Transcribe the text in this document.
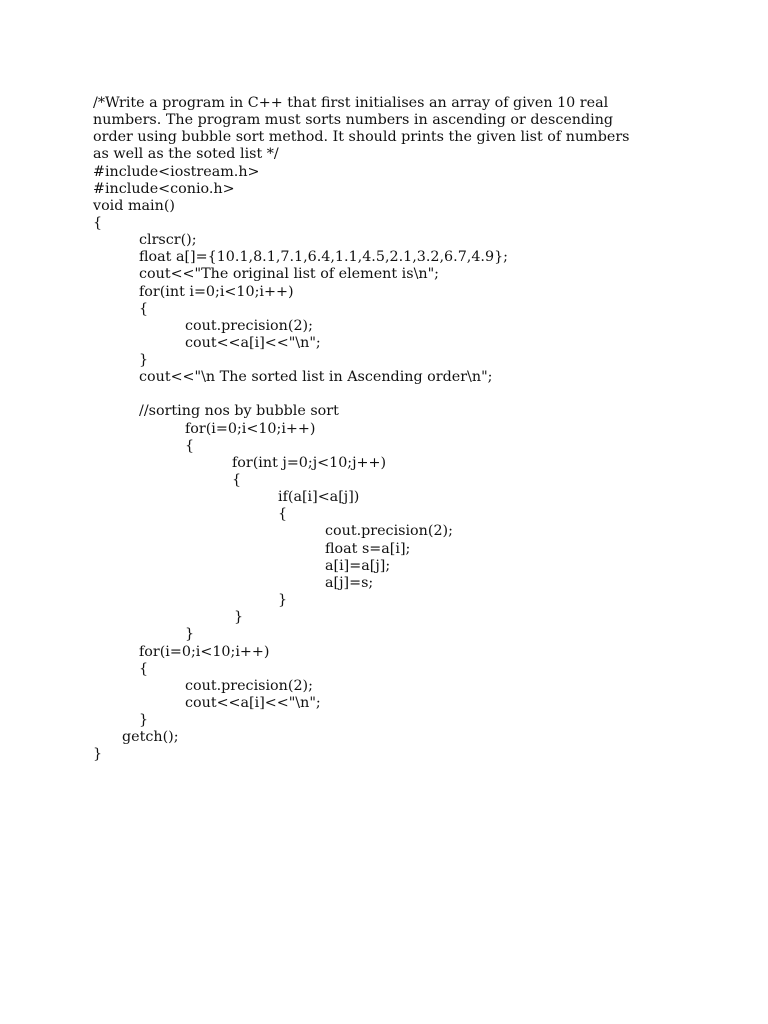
/*Write a program in C++ that first initialises an array of given 10 real
numbers. The program must sorts numbers in ascending or descending
order using bubble sort method. It should prints the given list of numbers
as well as the soted list */
#include<iostream.h>
#include<conio.h>
void main()
{
clrscr();
float a[]={10.1,8.1,7.1,6.4,1.1,4.5,2.1,3.2,6.7,4.9};
cout<<"The original list of element is\n";
for(int i=0;i<10;i++)
{
cout.precision(2);
cout<<a[i]<<"\n";
}
cout<<"\n The sorted list in Ascending order\n";
//sorting nos by bubble sort
for(i=0;i<10;i++)
{
for(int j=0;j<10;j++)
{
if(a[i]<a[j])
{
cout.precision(2);
float s=a[i];
a[i]=a[j];
a[j]=s;
}
}
}
for(i=0;i<10;i++)
{
cout.precision(2);
cout<<a[i]<<"\n";
}
getch();
}
